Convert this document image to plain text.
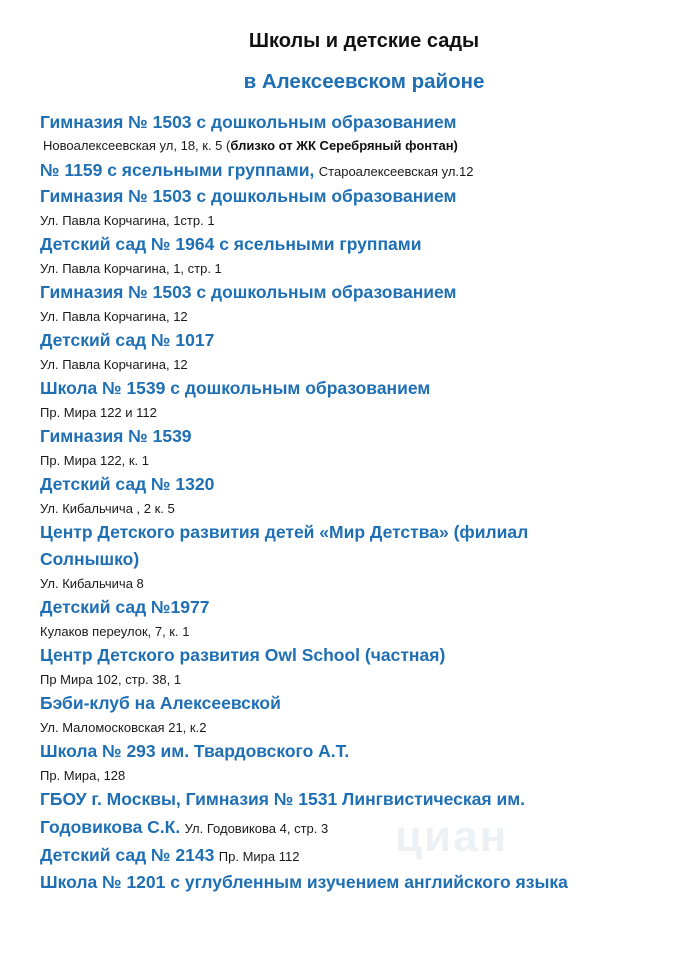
Школы и детские сады
в Алексеевском районе
циан
Гимназия № 1503 с дошкольным образованием
Новоалексеевская ул, 18, к. 5 (близко от ЖК Серебряный фонтан)
№ 1159 с ясельными группами, Староалексеевская ул.12
Гимназия № 1503 с дошкольным образованием
Ул. Павла Корчагина, 1стр. 1
Детский сад № 1964 с ясельными группами
Ул. Павла Корчагина, 1, стр. 1
Гимназия № 1503 с дошкольным образованием
Ул. Павла Корчагина, 12
Детский сад № 1017
Ул. Павла Корчагина, 12
Школа № 1539 с дошкольным образованием
Пр. Мира 122 и 112
Гимназия № 1539
Пр. Мира 122, к. 1
Детский сад № 1320
Ул. Кибальчича , 2 к. 5
Центр Детского развития детей «Мир Детства» (филиал
Солнышко)
Ул. Кибальчича 8
Детский сад №1977
Кулаков переулок, 7, к. 1
Центр Детского развития Owl School (частная)
Пр Мира 102, стр. 38, 1
Бэби-клуб на Алексеевской
Ул. Маломосковская 21, к.2
Школа № 293 им. Твардовского А.Т.
Пр. Мира, 128
ГБОУ г. Москвы, Гимназия № 1531 Лингвистическая им.
Годовикова С.К. Ул. Годовикова 4, стр. 3
Детский сад № 2143 Пр. Мира 112
Школа № 1201 с углубленным изучением английского языка
